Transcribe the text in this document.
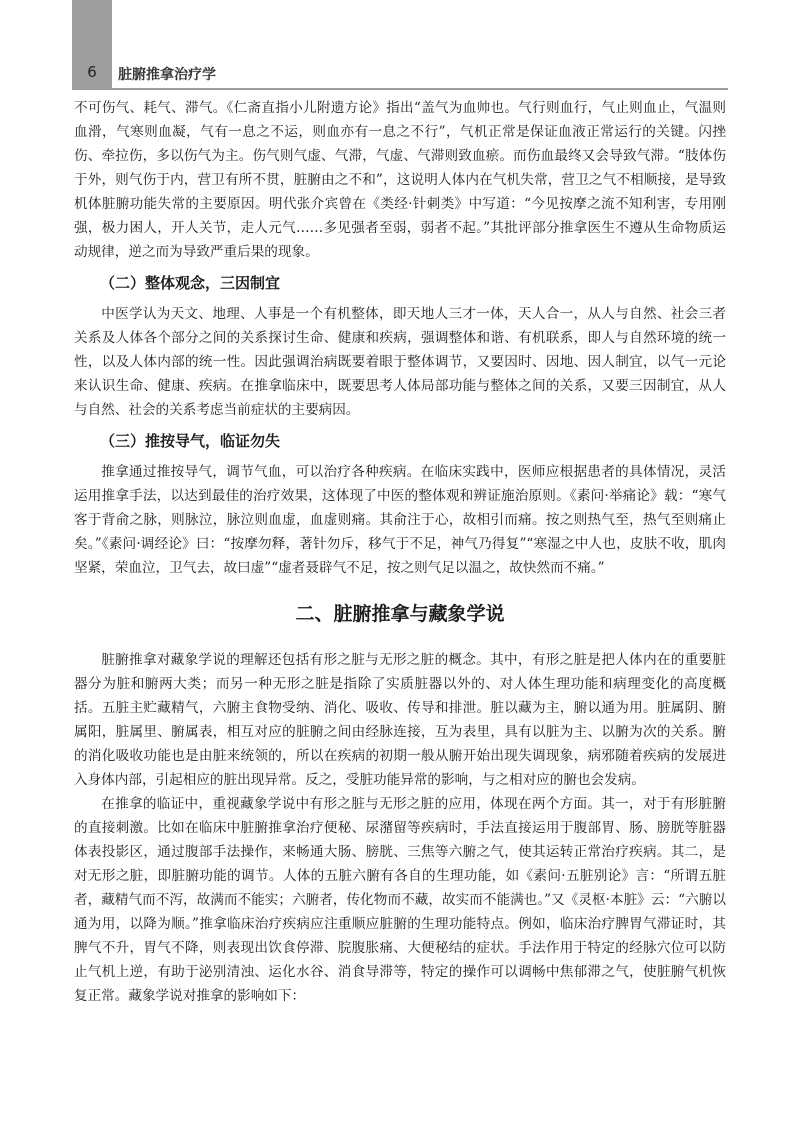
6	脏腑推拿治疗学

不可伤气、耗气、滞气。《仁斋直指小儿附遗方论》指出“盖气为血帅也。气行则血行，气止则血止，气温则血滑，气寒则血凝，气有一息之不运，则血亦有一息之不行”，气机正常是保证血液正常运行的关键。闪挫伤、牵拉伤，多以伤气为主。伤气则气虚、气滞，气虚、气滞则致血瘀。而伤血最终又会导致气滞。“肢体伤于外，则气伤于内，营卫有所不贯，脏腑由之不和”，这说明人体内在气机失常，营卫之气不相顺接，是导致机体脏腑功能失常的主要原因。明代张介宾曾在《类经·针刺类》中写道：“今见按摩之流不知利害，专用刚强，极力困人，开人关节，走人元气……多见强者至弱，弱者不起。”其批评部分推拿医生不遵从生命物质运动规律，逆之而为导致严重后果的现象。

（二）整体观念，三因制宜

中医学认为天文、地理、人事是一个有机整体，即天地人三才一体，天人合一，从人与自然、社会三者关系及人体各个部分之间的关系探讨生命、健康和疾病，强调整体和谐、有机联系，即人与自然环境的统一性，以及人体内部的统一性。因此强调治病既要着眼于整体调节，又要因时、因地、因人制宜，以气一元论来认识生命、健康、疾病。在推拿临床中，既要思考人体局部功能与整体之间的关系，又要三因制宜，从人与自然、社会的关系考虑当前症状的主要病因。

（三）推按导气，临证勿失

推拿通过推按导气，调节气血，可以治疗各种疾病。在临床实践中，医师应根据患者的具体情况，灵活运用推拿手法，以达到最佳的治疗效果，这体现了中医的整体观和辨证施治原则。《素问·举痛论》载：“寒气客于背俞之脉，则脉泣，脉泣则血虚，血虚则痛。其俞注于心，故相引而痛。按之则热气至，热气至则痛止矣。”《素问·调经论》曰：“按摩勿释，著针勿斥，移气于不足，神气乃得复”“寒湿之中人也，皮肤不收，肌肉坚紧，荣血泣，卫气去，故曰虚”“虚者聂辟气不足，按之则气足以温之，故快然而不痛。”

二、脏腑推拿与藏象学说

脏腑推拿对藏象学说的理解还包括有形之脏与无形之脏的概念。其中，有形之脏是把人体内在的重要脏器分为脏和腑两大类；而另一种无形之脏是指除了实质脏器以外的、对人体生理功能和病理变化的高度概括。五脏主贮藏精气，六腑主食物受纳、消化、吸收、传导和排泄。脏以藏为主，腑以通为用。脏属阴、腑属阳，脏属里、腑属表，相互对应的脏腑之间由经脉连接，互为表里，具有以脏为主、以腑为次的关系。腑的消化吸收功能也是由脏来统领的，所以在疾病的初期一般从腑开始出现失调现象，病邪随着疾病的发展进入身体内部，引起相应的脏出现异常。反之，受脏功能异常的影响，与之相对应的腑也会发病。

在推拿的临证中，重视藏象学说中有形之脏与无形之脏的应用，体现在两个方面。其一，对于有形脏腑的直接刺激。比如在临床中脏腑推拿治疗便秘、尿潴留等疾病时，手法直接运用于腹部胃、肠、膀胱等脏器体表投影区，通过腹部手法操作，来畅通大肠、膀胱、三焦等六腑之气，使其运转正常治疗疾病。其二，是对无形之脏，即脏腑功能的调节。人体的五脏六腑有各自的生理功能，如《素问·五脏别论》言：“所谓五脏者，藏精气而不泻，故满而不能实；六腑者，传化物而不藏，故实而不能满也。”又《灵枢·本脏》云：“六腑以通为用，以降为顺。”推拿临床治疗疾病应注重顺应脏腑的生理功能特点。例如，临床治疗脾胃气滞证时，其脾气不升，胃气不降，则表现出饮食停滞、脘腹胀痛、大便秘结的症状。手法作用于特定的经脉穴位可以防止气机上逆，有助于泌别清浊、运化水谷、消食导滞等，特定的操作可以调畅中焦郁滞之气，使脏腑气机恢复正常。藏象学说对推拿的影响如下：
